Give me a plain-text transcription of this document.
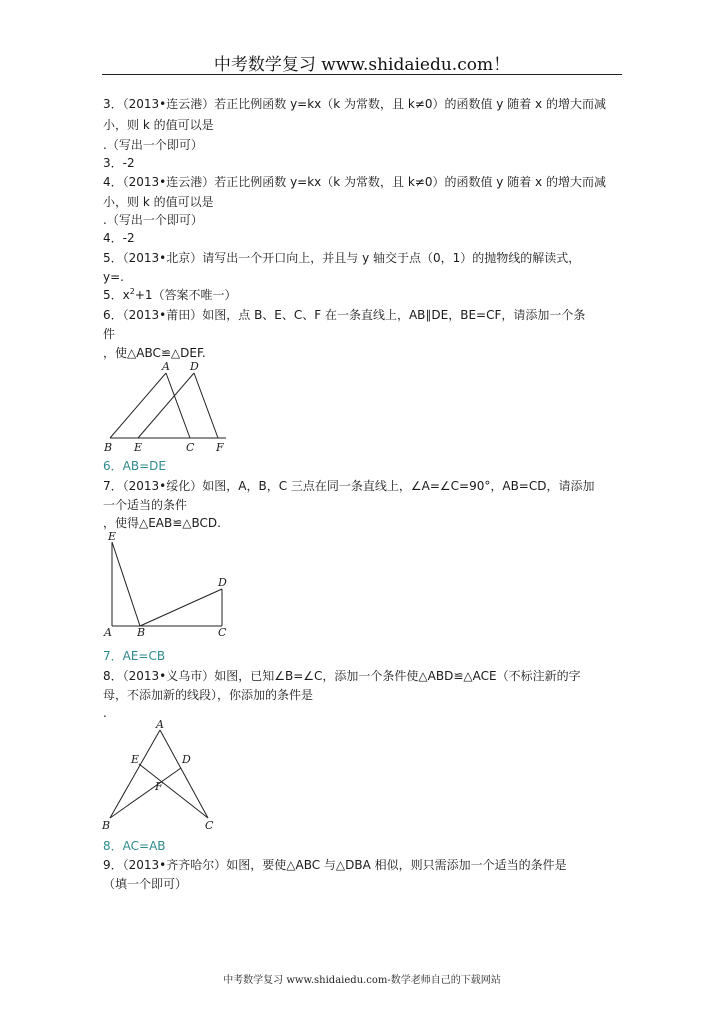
中考数学复习 www.shidaiedu.com！
3．（2013•连云港）若正比例函数 y=kx（k 为常数，且 k≠0）的函数值 y 随着 x 的增大而减
小，则 k 的值可以是
.（写出一个即可）
3．-2
4．（2013•连云港）若正比例函数 y=kx（k 为常数，且 k≠0）的函数值 y 随着 x 的增大而减
小，则 k 的值可以是
.（写出一个即可）
4．-2
5．（2013•北京）请写出一个开口向上，并且与 y 轴交于点（0，1）的抛物线的解读式，
y=.
5．$x^2+1$（答案不唯一）
6．（2013•莆田）如图，点 B、E、C、F 在一条直线上，AB∥DE，BE=CF，请添加一个条
件
，使△ABC≌△DEF.
A D
B E	C F
6．AB=DE
7．（2013•绥化）如图，A，B，C 三点在同一条直线上，∠A=∠C=90°，AB=CD，请添加
一个适当的条件
，使得△EAB≌△BCD.
E
D
A B	C
7．AE=CB
8．（2013•义乌市）如图，已知∠B=∠C，添加一个条件使△ABD≌△ACE（不标注新的字
母，不添加新的线段），你添加的条件是
.
A
E	D
F
B	C
8．AC=AB
9．（2013•齐齐哈尔）如图，要使△ABC 与△DBA 相似，则只需添加一个适当的条件是
（填一个即可）
中考数学复习 www.shidaiedu.com-数学老师自己的下载网站
